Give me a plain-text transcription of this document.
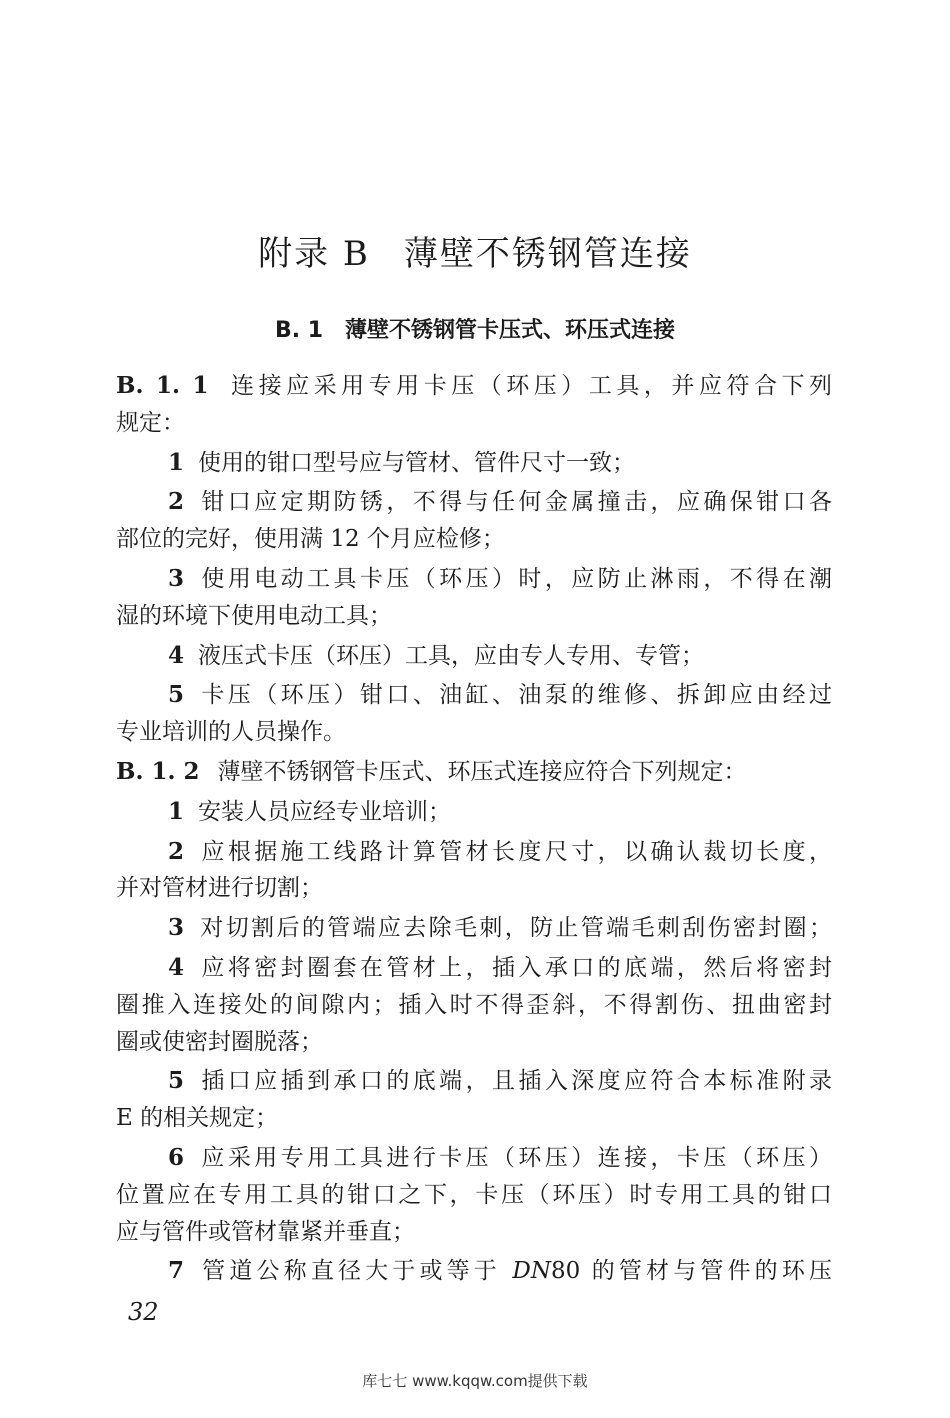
附录 B 薄壁不锈钢管连接
B. 1 薄壁不锈钢管卡压式、环压式连接
B. 1. 1 连接应采用专用卡压（环压）工具，并应符合下列
规定：
1 使用的钳口型号应与管材、管件尺寸一致；
2 钳口应定期防锈，不得与任何金属撞击，应确保钳口各
部位的完好，使用满 12 个月应检修；
3 使用电动工具卡压（环压）时，应防止淋雨，不得在潮
湿的环境下使用电动工具；
4 液压式卡压（环压）工具，应由专人专用、专管；
5 卡压（环压）钳口、油缸、油泵的维修、拆卸应由经过
专业培训的人员操作。
B. 1. 2 薄壁不锈钢管卡压式、环压式连接应符合下列规定：
1 安装人员应经专业培训；
2 应根据施工线路计算管材长度尺寸，以确认裁切长度，
并对管材进行切割；
3 对切割后的管端应去除毛刺，防止管端毛刺刮伤密封圈；
4 应将密封圈套在管材上，插入承口的底端，然后将密封
圈推入连接处的间隙内；插入时不得歪斜，不得割伤、扭曲密封
圈或使密封圈脱落；
5 插口应插到承口的底端，且插入深度应符合本标准附录
E 的相关规定；
6 应采用专用工具进行卡压（环压）连接，卡压（环压）
位置应在专用工具的钳口之下，卡压（环压）时专用工具的钳口
应与管件或管材靠紧并垂直；
7 管道公称直径大于或等于 DN80 的管材与管件的环压
32
库七七 www.kqqw.com提供下载
